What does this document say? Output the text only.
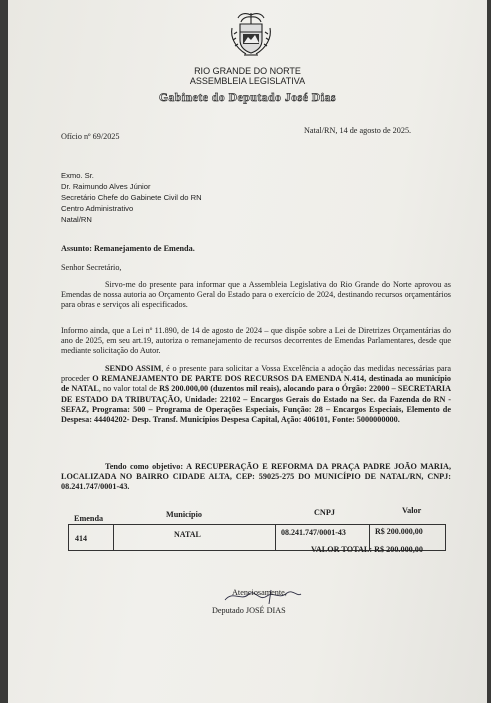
RIO GRANDE DO NORTE
ASSEMBLEIA LEGISLATIVA
Gabinete do Deputado José Dias
Ofício nº 69/2025
Natal/RN, 14 de agosto de 2025.
Exmo. Sr.
Dr. Raimundo Alves Júnior
Secretário Chefe do Gabinete Civil do RN
Centro Administrativo
Natal/RN
Assunto: Remanejamento de Emenda.
Senhor Secretário,
Sirvo-me do presente para informar que a Assembleia Legislativa do Rio Grande do Norte aprovou as Emendas de nossa autoria ao Orçamento Geral do Estado para o exercício de 2024, destinando recursos orçamentários para obras e serviços ali especificados.
Informo ainda, que a Lei nº 11.890, de 14 de agosto de 2024 – que dispõe sobre a Lei de Diretrizes Orçamentárias do ano de 2025, em seu art.19, autoriza o remanejamento de recursos decorrentes de Emendas Parlamentares, desde que mediante solicitação do Autor.
SENDO ASSIM, é o presente para solicitar a Vossa Excelência a adoção das medidas necessárias para proceder O REMANEJAMENTO DE PARTE DOS RECURSOS DA EMENDA N.414, destinada ao município de NATAL, no valor total de R$ 200.000,00 (duzentos mil reais), alocando para o Órgão: 22000 – SECRETARIA DE ESTADO DA TRIBUTAÇÃO, Unidade: 22102 – Encargos Gerais do Estado na Sec. da Fazenda do RN - SEFAZ, Programa: 500 – Programa de Operações Especiais, Função: 28 – Encargos Especiais, Elemento de Despesa: 44404202- Desp. Transf. Municípios Despesa Capital, Ação: 406101, Fonte: 5000000000.
Tendo como objetivo: A RECUPERAÇÃO E REFORMA DA PRAÇA PADRE JOÃO MARIA, LOCALIZADA NO BAIRRO CIDADE ALTA, CEP: 59025-275 DO MUNICÍPIO DE NATAL/RN, CNPJ: 08.241.747/0001-43.
Emenda	Município	CNPJ	Valor
414	NATAL	08.241.747/0001-43	R$ 200.000,00
VALOR TOTAL: R$ 200.000,00
Atenciosamente,
Deputado JOSÉ DIAS
